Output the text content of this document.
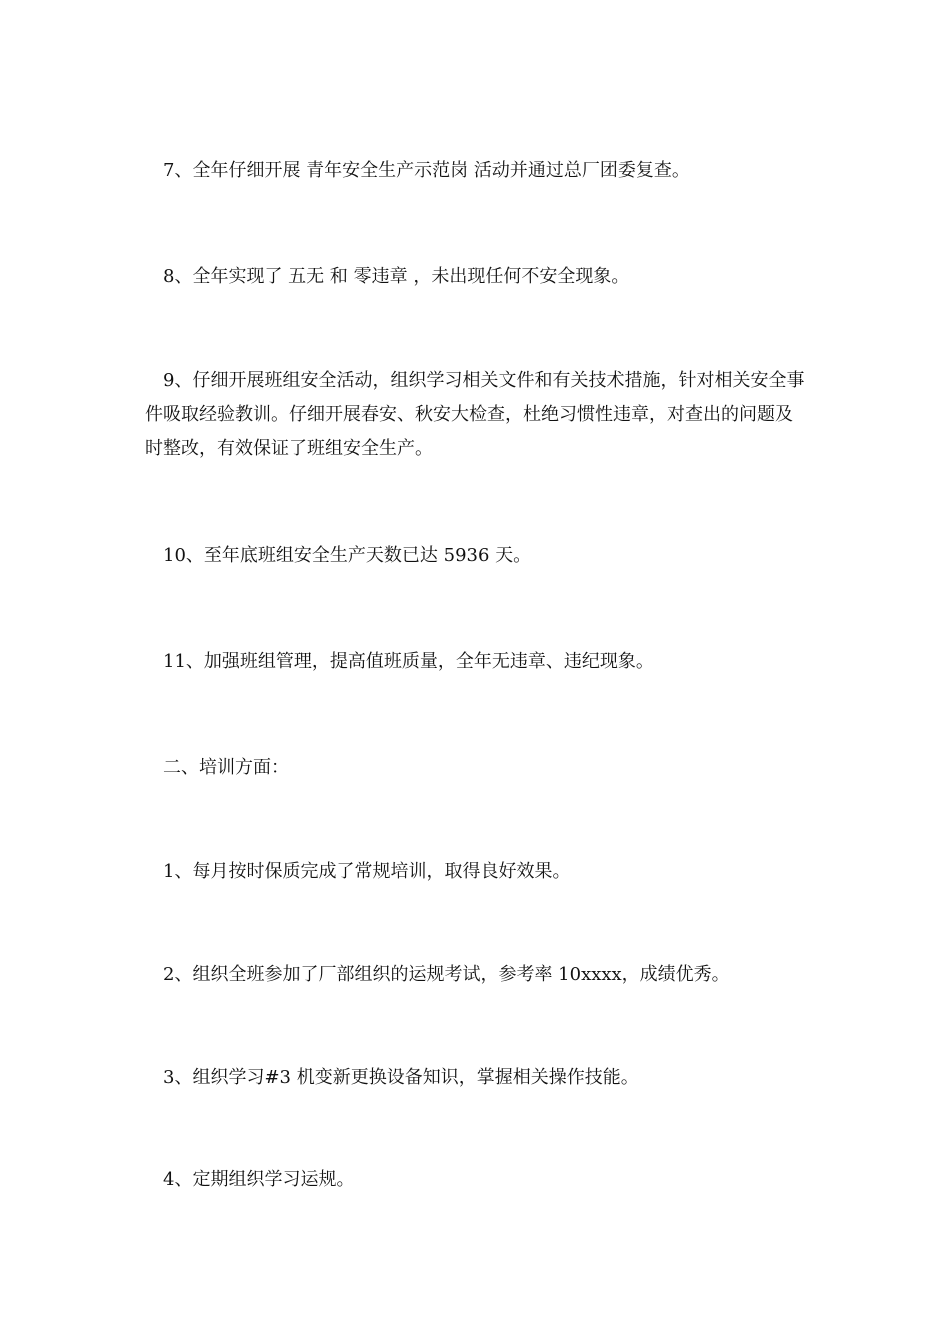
7、全年仔细开展 青年安全生产示范岗 活动并通过总厂团委复查。

8、全年实现了 五无 和 零违章 ，未出现任何不安全现象。

9、仔细开展班组安全活动，组织学习相关文件和有关技术措施，针对相关安全事件吸取经验教训。仔细开展春安、秋安大检查，杜绝习惯性违章，对查出的问题及时整改，有效保证了班组安全生产。

10、至年底班组安全生产天数已达 5936 天。

11、加强班组管理，提高值班质量，全年无违章、违纪现象。

二、培训方面：

1、每月按时保质完成了常规培训，取得良好效果。

2、组织全班参加了厂部组织的运规考试，参考率 10xxxx，成绩优秀。

3、组织学习#3 机变新更换设备知识，掌握相关操作技能。

4、定期组织学习运规。
